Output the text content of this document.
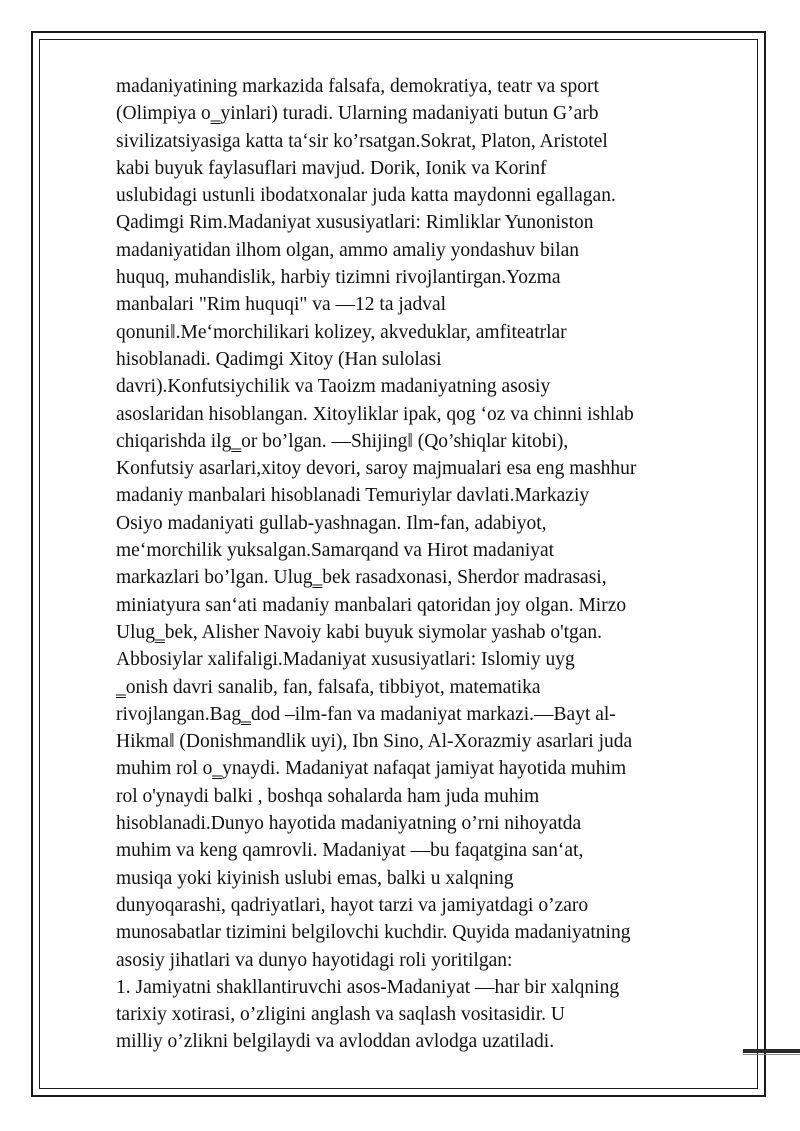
madaniyatining markazida falsafa, demokratiya, teatr va sport
(Olimpiya o‗yinlari) turadi. Ularning madaniyati butun G’arb
sivilizatsiyasiga katta ta‘sir ko’rsatgan.Sokrat, Platon, Aristotel
kabi buyuk faylasuflari mavjud. Dorik, Ionik va Korinf
uslubidagi ustunli ibodatxonalar juda katta maydonni egallagan.
Qadimgi Rim.Madaniyat xususiyatlari: Rimliklar Yunoniston
madaniyatidan ilhom olgan, ammo amaliy yondashuv bilan
huquq, muhandislik, harbiy tizimni rivojlantirgan.Yozma
manbalari "Rim huquqi" va ―12 ta jadval
qonuni‖.Me‘morchilikari kolizey, akveduklar, amfiteatrlar
hisoblanadi. Qadimgi Xitoy (Han sulolasi
davri).Konfutsiychilik va Taoizm madaniyatning asosiy
asoslaridan hisoblangan. Xitoyliklar ipak, qog ‘oz va chinni ishlab
chiqarishda ilg‗or bo’lgan. ―Shijing‖ (Qo’shiqlar kitobi),
Konfutsiy asarlari,xitoy devori, saroy majmualari esa eng mashhur
madaniy manbalari hisoblanadi Temuriylar davlati.Markaziy
Osiyo madaniyati gullab-yashnagan. Ilm-fan, adabiyot,
me‘morchilik yuksalgan.Samarqand va Hirot madaniyat
markazlari bo’lgan. Ulug‗bek rasadxonasi, Sherdor madrasasi,
miniatyura san‘ati madaniy manbalari qatoridan joy olgan. Mirzo
Ulug‗bek, Alisher Navoiy kabi buyuk siymolar yashab o'tgan.
Abbosiylar xalifaligi.Madaniyat xususiyatlari: Islomiy uyg
‗onish davri sanalib, fan, falsafa, tibbiyot, matematika
rivojlangan.Bag‗dod –ilm-fan va madaniyat markazi.―Bayt al-
Hikma‖ (Donishmandlik uyi), Ibn Sino, Al-Xorazmiy asarlari juda
muhim rol o‗ynaydi. Madaniyat nafaqat jamiyat hayotida muhim
rol o'ynaydi balki , boshqa sohalarda ham juda muhim
hisoblanadi.Dunyo hayotida madaniyatning o’rni nihoyatda
muhim va keng qamrovli. Madaniyat ―bu faqatgina san‘at,
musiqa yoki kiyinish uslubi emas, balki u xalqning
dunyoqarashi, qadriyatlari, hayot tarzi va jamiyatdagi o’zaro
munosabatlar tizimini belgilovchi kuchdir. Quyida madaniyatning
asosiy jihatlari va dunyo hayotidagi roli yoritilgan:
1. Jamiyatni shakllantiruvchi asos-Madaniyat ―har bir xalqning
tarixiy xotirasi, o’zligini anglash va saqlash vositasidir. U
milliy o’zlikni belgilaydi va avloddan avlodga uzatiladi.
